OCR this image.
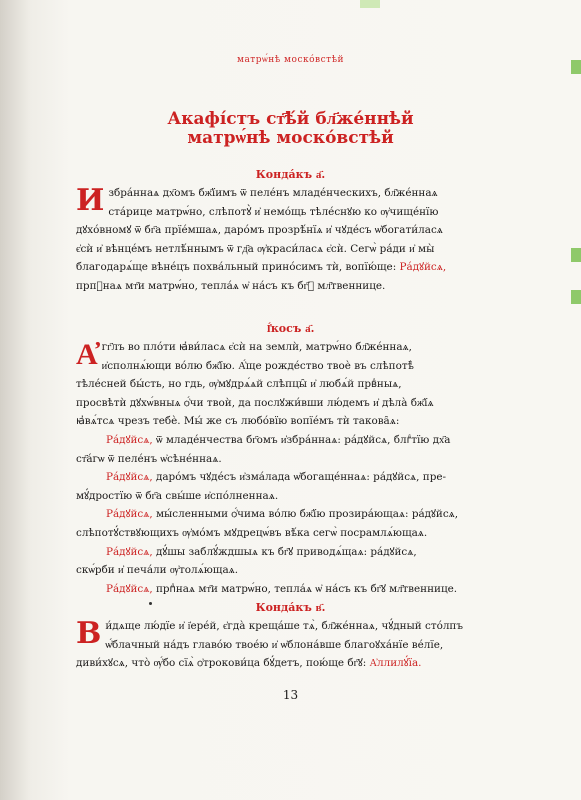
матрѡ́нѣ моско́встѣй
Акафі́стъ ст҃ѣ́й бл҃же́ннѣй
матрѡ́нѣ моско́встѣй
Конда́къ а҃.
И збра́ннаѧ дх҃омъ бж҃їимъ ѿ пеле́нъ младе́нческихъ, бл҃же́ннаѧ
ста́рице матрѡ́но, слѣпотꙋ̀ и҆ немо́щь тѣле́снꙋю ко ѹ҆чище́нїю
дꙋхо́вномꙋ ѿ бг҃а прїе́мшаѧ, даро́мъ прозрѣ́нїѧ и҆ чꙋде́съ ѡ҆богати́ласѧ
є҆сѝ и҆ вѣнце́мъ нетлѣ́ннымъ ѿ гд҃а ѹ҆краси́ласѧ є҆сѝ. Сегѡ̀ ра́ди и҆ мы̀
благодарѧ́ще вѣне́цъ похва́льный прино́симъ тѝ, вопїю́ще: Ра́дꙋйсѧ,
прпⷣнаѧ мт҃и матрѡ́но, тепла́ѧ ѡ҆ на́съ къ бг҃ꙋ мл҃твеннице.
І҆́косъ а҃.
А҆ гг҃лъ во пло́ти ꙗ҆ви́ласѧ є҆сѝ на землѝ, матрѡ́но бл҃же́ннаѧ,
и҆сполнѧ́ющи во́лю бж҃їю. А҆́ще рожде́ство твоѐ въ слѣпотѣ̀
тѣле́сней бы́сть, но гдь, ѹ҆мꙋдрѧ́ѧй слѣпцы̑ и҆ любѧ́й првⷣныѧ,
просвѣтѝ дꙋхѡ́вныѧ ѻ҆́чи твоѝ, да послꙋжи́вши лю́демъ и҆ дѣла̀ бж҃їѧ
ꙗ҆вѧ́тсѧ чрезъ тебѐ. Мы́ же съ любо́вїю вопїе́мъ тѝ такова̑ѧ:
Ра́дꙋйсѧ, ѿ младе́нчества бг҃омъ и҆збра́ннаѧ: ра́дꙋйсѧ, блгⷣтїю дх҃а
ст҃а́гѡ ѿ пеле́нъ ѡ҆сѣне́ннаѧ.
Ра́дꙋйсѧ, даро́мъ чꙋде́съ и҆зма́лада ѡ҆богаще́ннаѧ: ра́дꙋйсѧ, пре-
мꙋ́дростїю ѿ бг҃а свы́ше и҆спо́лненнаѧ.
Ра́дꙋйсѧ, мы́сленными ѻ҆́чима во́лю бж҃їю прозира́ющаѧ: ра́дꙋйсѧ,
слѣпотꙋ́ствꙋющихъ ѹ҆мо́мъ мꙋдрецѡ́въ вѣ́ка сегѡ̀ посрамлѧ́ющаѧ.
Ра́дꙋйсѧ, дꙋ́шы заблꙋ́ждшыѧ къ бг҃ꙋ приводѧ́щаѧ: ра́дꙋйсѧ,
скѡ́рби и҆ печа́ли ѹ҆толѧ́ющаѧ.
Ра́дꙋйсѧ, прпⷣнаѧ мт҃и матрѡ́но, тепла́ѧ ѡ҆ на́съ къ бг҃ꙋ мл҃твеннице.
Конда́къ в҃.
В и́дѧще лю́дїе и҆ і҆ере́й, є҆гда̀ креща́ше тѧ̀, бл҃же́ннаѧ, чꙋ́дный сто́лпъ
ѡ҆́блачный на́дъ главо́ю твое́ю и҆ ѡ҆блона́вше благоꙋха́нїе ве́лїе,
диви́хꙋсѧ, что̀ ѹ҆́бо сїѧ̀ ѻ҆трокови́ца бꙋ́детъ, пою́ще бг҃ꙋ: А҆ллилꙋ́їа.
13
